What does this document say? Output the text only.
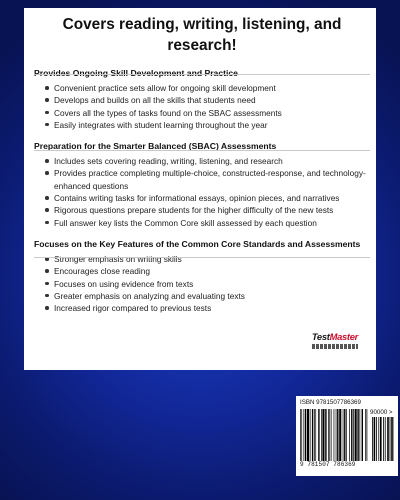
Covers reading, writing, listening, and research!
Provides Ongoing Skill Development and Practice
Convenient practice sets allow for ongoing skill development
Develops and builds on all the skills that students need
Covers all the types of tasks found on the SBAC assessments
Easily integrates with student learning throughout the year
Preparation for the Smarter Balanced (SBAC) Assessments
Includes sets covering reading, writing, listening, and research
Provides practice completing multiple-choice, constructed-response, and technology-enhanced questions
Contains writing tasks for informational essays, opinion pieces, and narratives
Rigorous questions prepare students for the higher difficulty of the new tests
Full answer key lists the Common Core skill assessed by each question
Focuses on the Key Features of the Common Core Standards and Assessments
Stronger emphasis on writing skills
Encourages close reading
Focuses on using evidence from texts
Greater emphasis on analyzing and evaluating texts
Increased rigor compared to previous tests
TestMaster
ISBN 9781507786369
90000 >
9 781507 786369
